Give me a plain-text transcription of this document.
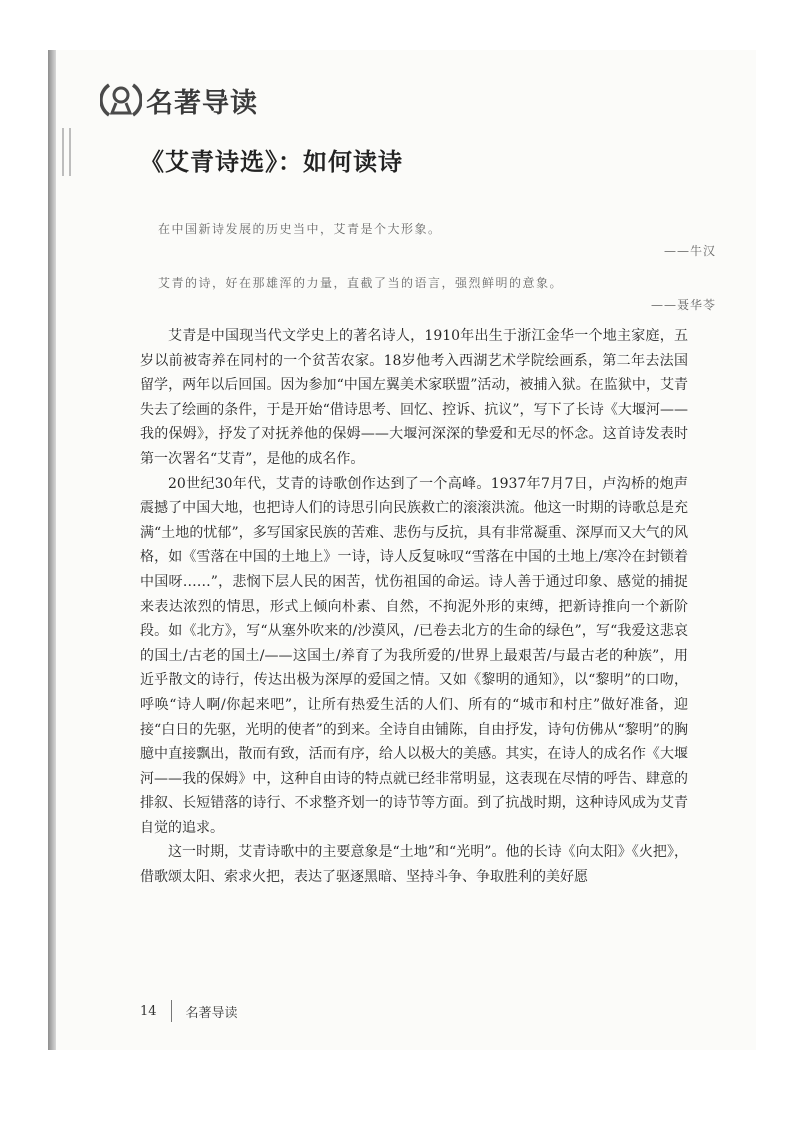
名著导读
《艾青诗选》：如何读诗

在中国新诗发展的历史当中，艾青是个大形象。

——牛汉

艾青的诗，好在那雄浑的力量，直截了当的语言，强烈鲜明的意象。

——聂华苓

艾青是中国现当代文学史上的著名诗人，1910年出生于浙江金华一个地主家庭，五岁以前被寄养在同村的一个贫苦农家。18岁他考入西湖艺术学院绘画系，第二年去法国留学，两年以后回国。因为参加“中国左翼美术家联盟”活动，被捕入狱。在监狱中，艾青失去了绘画的条件，于是开始“借诗思考、回忆、控诉、抗议”，写下了长诗《大堰河——我的保姆》，抒发了对抚养他的保姆——大堰河深深的挚爱和无尽的怀念。这首诗发表时第一次署名“艾青”，是他的成名作。

20世纪30年代，艾青的诗歌创作达到了一个高峰。1937年7月7日，卢沟桥的炮声震撼了中国大地，也把诗人们的诗思引向民族救亡的滚滚洪流。他这一时期的诗歌总是充满“土地的忧郁”，多写国家民族的苦难、悲伤与反抗，具有非常凝重、深厚而又大气的风格，如《雪落在中国的土地上》一诗，诗人反复咏叹“雪落在中国的土地上/寒冷在封锁着中国呀……”，悲悯下层人民的困苦，忧伤祖国的命运。诗人善于通过印象、感觉的捕捉来表达浓烈的情思，形式上倾向朴素、自然，不拘泥外形的束缚，把新诗推向一个新阶段。如《北方》，写“从塞外吹来的/沙漠风，/已卷去北方的生命的绿色”，写“我爱这悲哀的国土/古老的国土/——这国土/养育了为我所爱的/世界上最艰苦/与最古老的种族”，用近乎散文的诗行，传达出极为深厚的爱国之情。又如《黎明的通知》，以“黎明”的口吻，呼唤“诗人啊/你起来吧”，让所有热爱生活的人们、所有的“城市和村庄”做好准备，迎接“白日的先驱，光明的使者”的到来。全诗自由铺陈，自由抒发，诗句仿佛从“黎明”的胸臆中直接飘出，散而有致，活而有序，给人以极大的美感。其实，在诗人的成名作《大堰河——我的保姆》中，这种自由诗的特点就已经非常明显，这表现在尽情的呼告、肆意的排叙、长短错落的诗行、不求整齐划一的诗节等方面。到了抗战时期，这种诗风成为艾青自觉的追求。

这一时期，艾青诗歌中的主要意象是“土地”和“光明”。他的长诗《向太阳》《火把》，借歌颂太阳、索求火把，表达了驱逐黑暗、坚持斗争、争取胜利的美好愿

14 名著导读
